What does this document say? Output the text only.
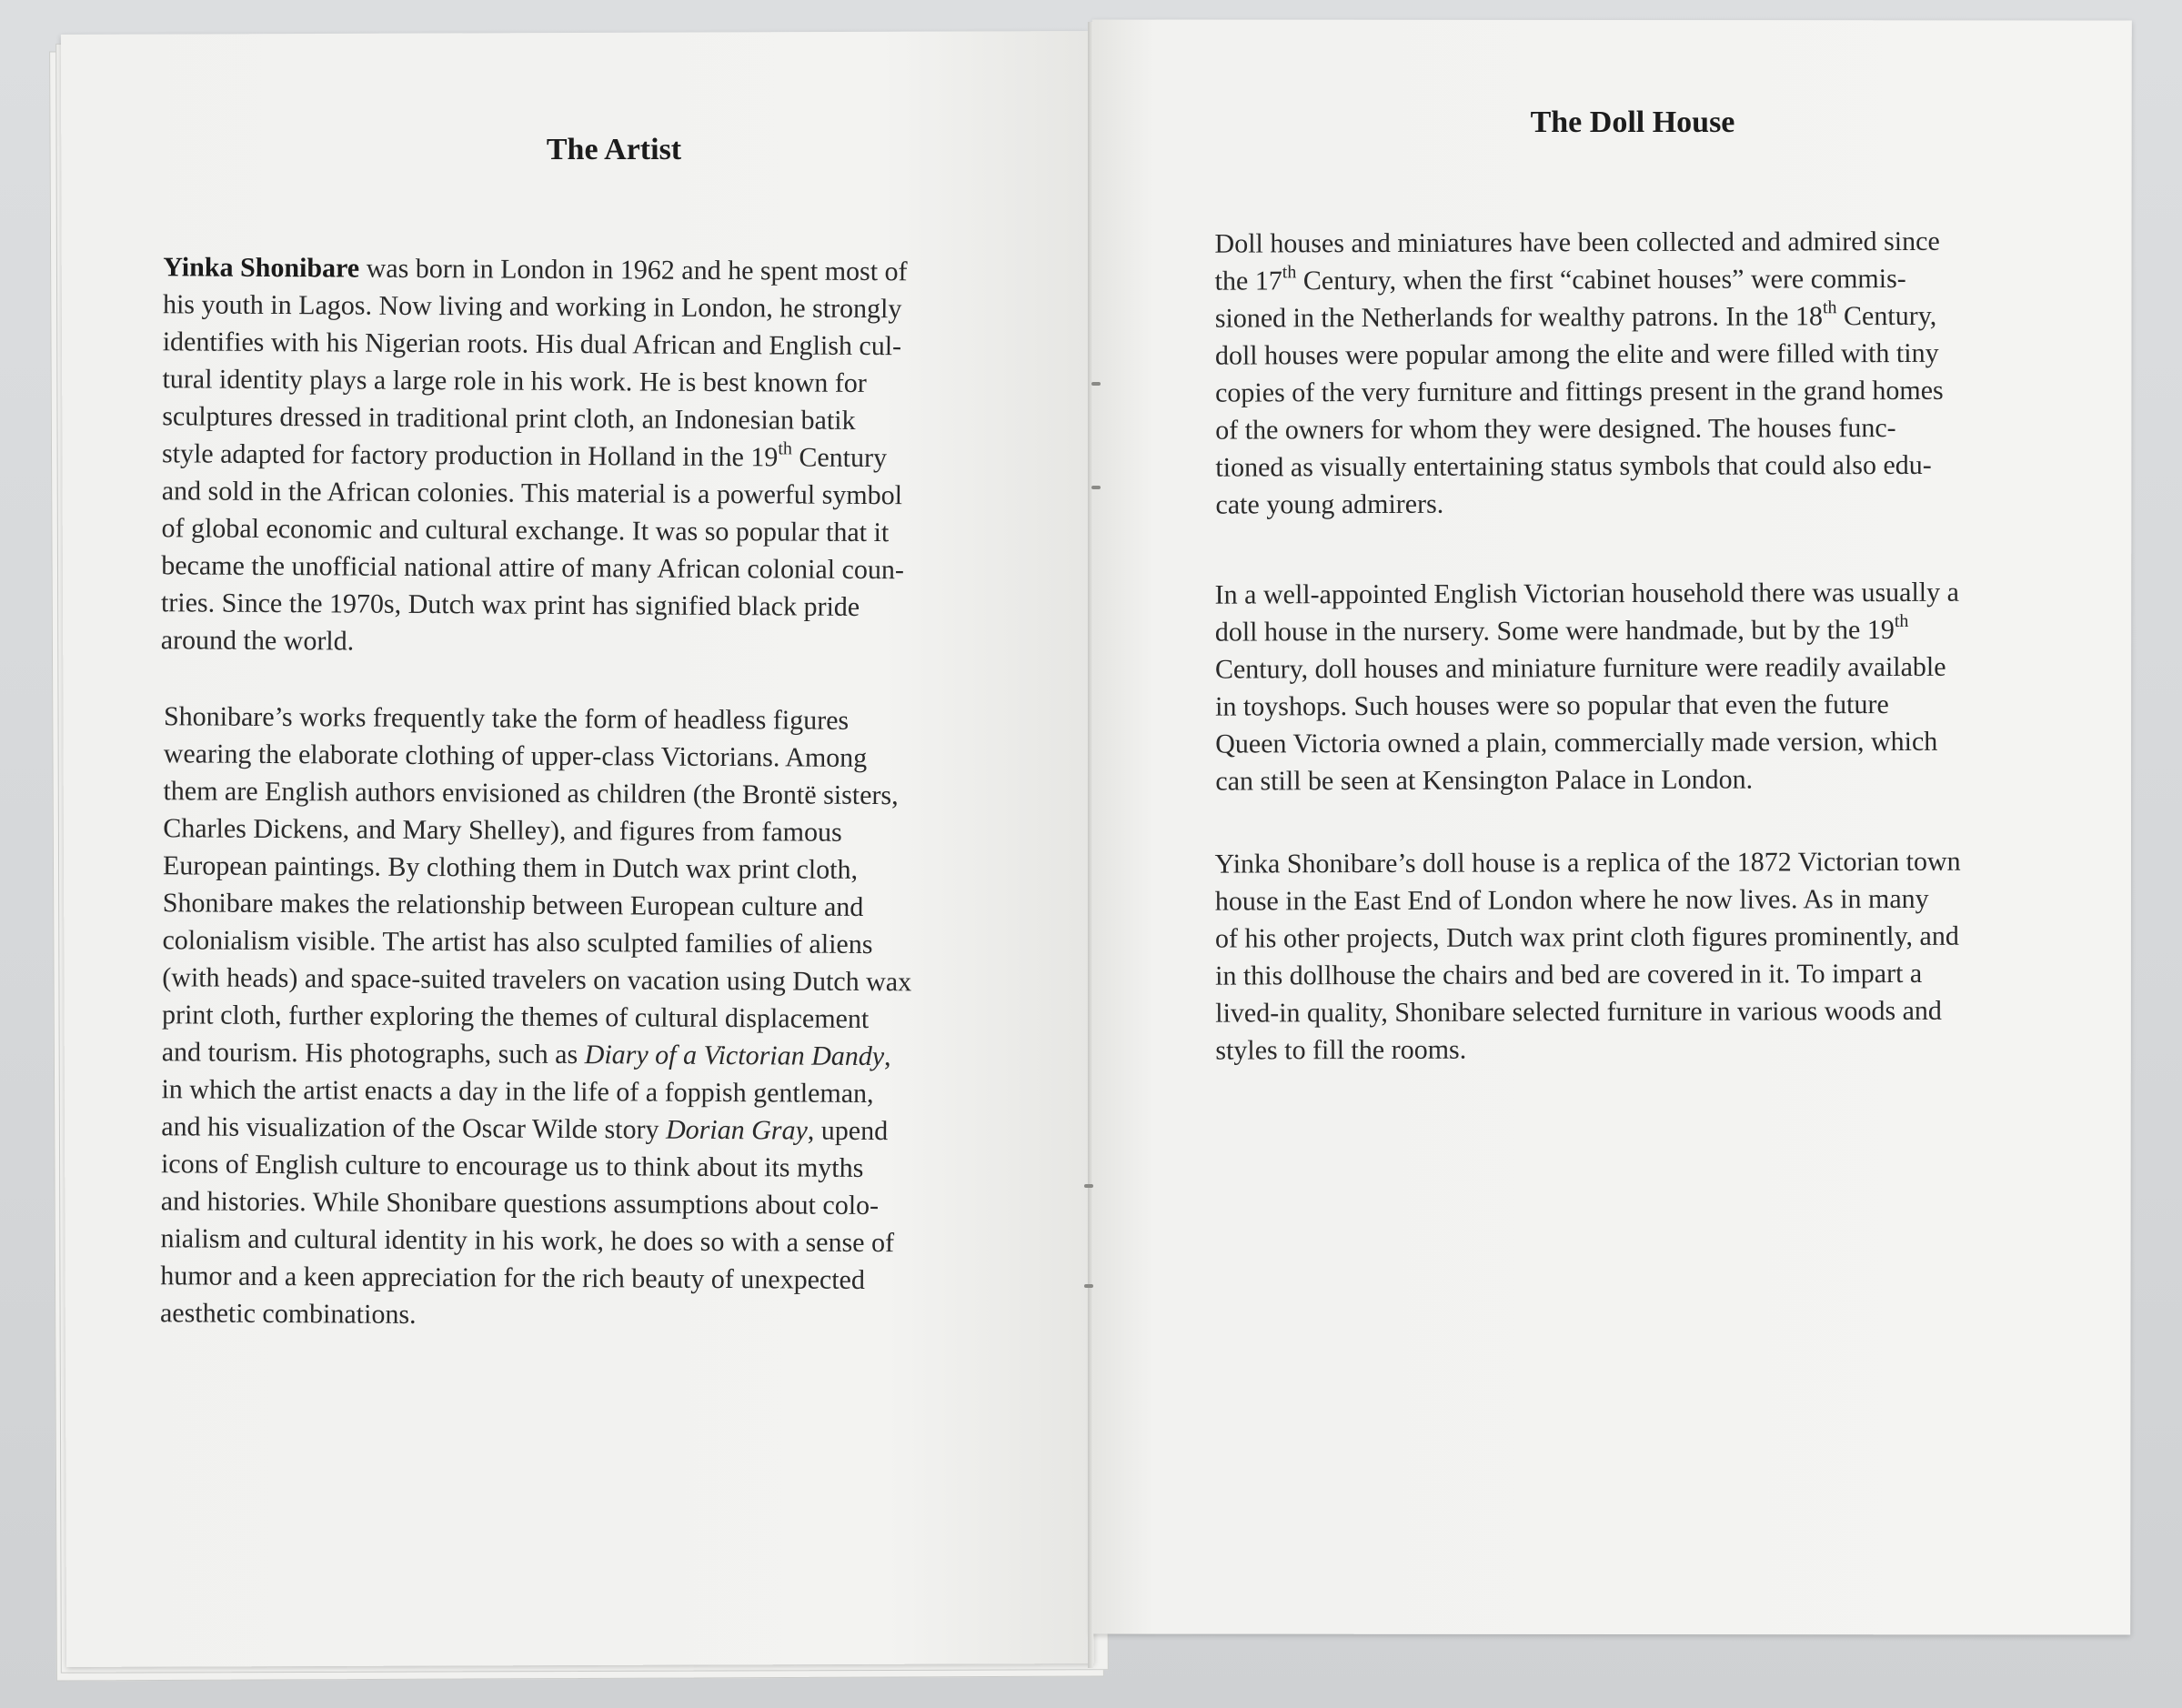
The Artist
Yinka Shonibare was born in London in 1962 and he spent most of
his youth in Lagos. Now living and working in London, he strongly
identifies with his Nigerian roots. His dual African and English cul-
tural identity plays a large role in his work. He is best known for
sculptures dressed in traditional print cloth, an Indonesian batik
style adapted for factory production in Holland in the 19th Century
and sold in the African colonies. This material is a powerful symbol
of global economic and cultural exchange. It was so popular that it
became the unofficial national attire of many African colonial coun-
tries. Since the 1970s, Dutch wax print has signified black pride
around the world.
Shonibare’s works frequently take the form of headless figures
wearing the elaborate clothing of upper-class Victorians. Among
them are English authors envisioned as children (the Brontë sisters,
Charles Dickens, and Mary Shelley), and figures from famous
European paintings. By clothing them in Dutch wax print cloth,
Shonibare makes the relationship between European culture and
colonialism visible. The artist has also sculpted families of aliens
(with heads) and space-suited travelers on vacation using Dutch wax
print cloth, further exploring the themes of cultural displacement
and tourism. His photographs, such as Diary of a Victorian Dandy,
in which the artist enacts a day in the life of a foppish gentleman,
and his visualization of the Oscar Wilde story Dorian Gray, upend
icons of English culture to encourage us to think about its myths
and histories. While Shonibare questions assumptions about colo-
nialism and cultural identity in his work, he does so with a sense of
humor and a keen appreciation for the rich beauty of unexpected
aesthetic combinations.
The Doll House
Doll houses and miniatures have been collected and admired since
the 17th Century, when the first “cabinet houses” were commis-
sioned in the Netherlands for wealthy patrons. In the 18th Century,
doll houses were popular among the elite and were filled with tiny
copies of the very furniture and fittings present in the grand homes
of the owners for whom they were designed. The houses func-
tioned as visually entertaining status symbols that could also edu-
cate young admirers.
In a well-appointed English Victorian household there was usually a
doll house in the nursery. Some were handmade, but by the 19th
Century, doll houses and miniature furniture were readily available
in toyshops. Such houses were so popular that even the future
Queen Victoria owned a plain, commercially made version, which
can still be seen at Kensington Palace in London.
Yinka Shonibare’s doll house is a replica of the 1872 Victorian town
house in the East End of London where he now lives. As in many
of his other projects, Dutch wax print cloth figures prominently, and
in this dollhouse the chairs and bed are covered in it. To impart a
lived-in quality, Shonibare selected furniture in various woods and
styles to fill the rooms.
